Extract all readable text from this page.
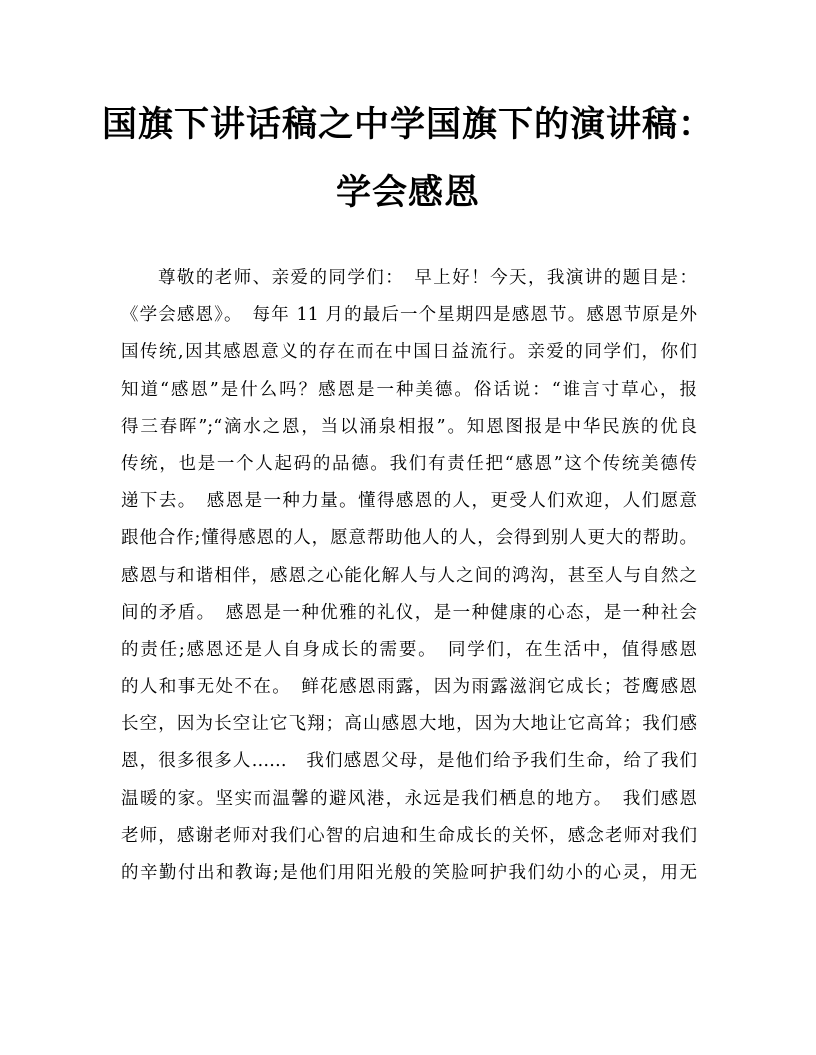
国旗下讲话稿之中学国旗下的演讲稿：
学会感恩
尊敬的老师、亲爱的同学们：　早上好！今天，我演讲的题目是：
《学会感恩》。　每年 11 月的最后一个星期四是感恩节。感恩节原是外
国传统,因其感恩意义的存在而在中国日益流行。亲爱的同学们，你们
知道“感恩”是什么吗？感恩是一种美德。俗话说：“谁言寸草心，报
得三春晖”;“滴水之恩，当以涌泉相报”。知恩图报是中华民族的优良
传统，也是一个人起码的品德。我们有责任把“感恩”这个传统美德传
递下去。　感恩是一种力量。懂得感恩的人，更受人们欢迎，人们愿意
跟他合作;懂得感恩的人，愿意帮助他人的人，会得到别人更大的帮助。
感恩与和谐相伴，感恩之心能化解人与人之间的鸿沟，甚至人与自然之
间的矛盾。　感恩是一种优雅的礼仪，是一种健康的心态，是一种社会
的责任;感恩还是人自身成长的需要。　同学们，在生活中，值得感恩
的人和事无处不在。　鲜花感恩雨露，因为雨露滋润它成长；苍鹰感恩
长空，因为长空让它飞翔；高山感恩大地，因为大地让它高耸；我们感
恩，很多很多人……　我们感恩父母，是他们给予我们生命，给了我们
温暖的家。坚实而温馨的避风港，永远是我们栖息的地方。　我们感恩
老师，感谢老师对我们心智的启迪和生命成长的关怀，感念老师对我们
的辛勤付出和教诲;是他们用阳光般的笑脸呵护我们幼小的心灵，用无
